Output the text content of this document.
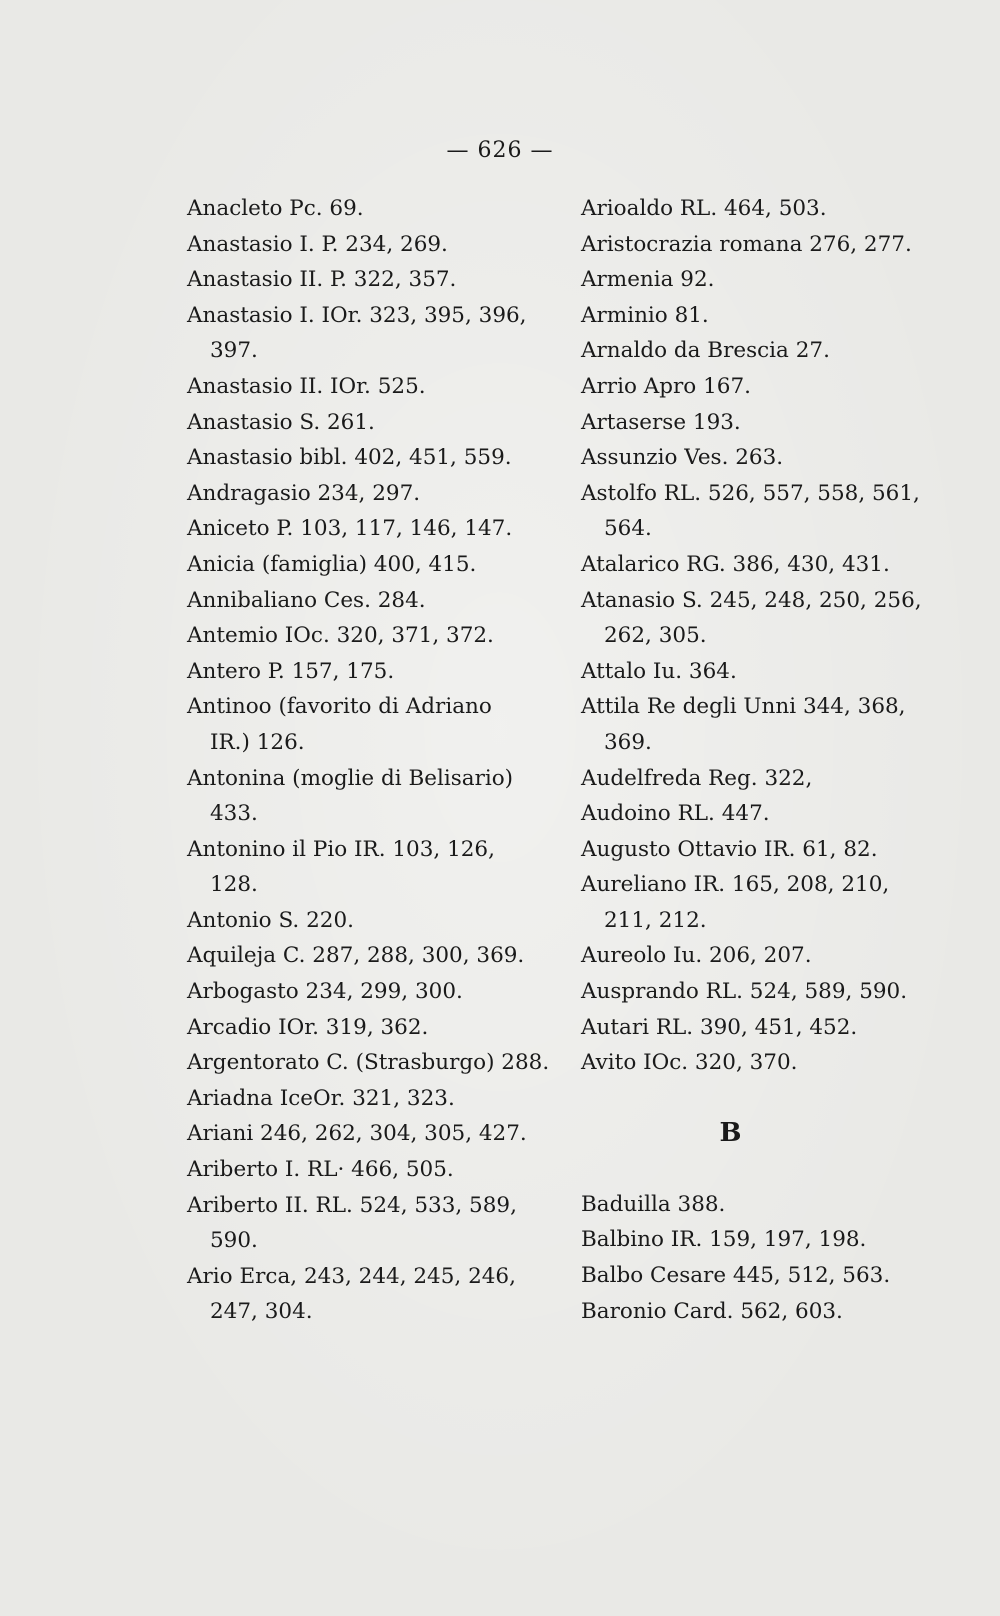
— 626 —

Anacleto Pc. 69.

Anastasio I. P. 234, 269.

Anastasio II. P. 322, 357.

Anastasio I. IOr. 323, 395, 396,
397.

Anastasio II. IOr. 525.

Anastasio S. 261.

Anastasio bibl. 402, 451, 559.

Andragasio 234, 297.

Aniceto P. 103, 117, 146, 147.

Anicia (famiglia) 400, 415.

Annibaliano Ces. 284.

Antemio IOc. 320, 371, 372.

Antero P. 157, 175.

Antinoo (favorito di Adriano
IR.) 126.

Antonina (moglie di Belisario)
433.

Antonino il Pio IR. 103, 126,
128.

Antonio S. 220.

Aquileja C. 287, 288, 300, 369.

Arbogasto 234, 299, 300.

Arcadio IOr. 319, 362.

Argentorato C. (Strasburgo) 288.

Ariadna IceOr. 321, 323.

Ariani 246, 262, 304, 305, 427.

Ariberto I. RL· 466, 505.

Ariberto II. RL. 524, 533, 589,
590.

Ario Erca, 243, 244, 245, 246,
247, 304.

Arioaldo RL. 464, 503.

Aristocrazia romana 276, 277.

Armenia 92.

Arminio 81.

Arnaldo da Brescia 27.

Arrio Apro 167.

Artaserse 193.

Assunzio Ves. 263.

Astolfo RL. 526, 557, 558, 561,
564.

Atalarico RG. 386, 430, 431.

Atanasio S. 245, 248, 250, 256,
262, 305.

Attalo Iu. 364.

Attila Re degli Unni 344, 368,
369.

Audelfreda Reg. 322,

Audoino RL. 447.

Augusto Ottavio IR. 61, 82.

Aureliano IR. 165, 208, 210,
211, 212.

Aureolo Iu. 206, 207.

Ausprando RL. 524, 589, 590.

Autari RL. 390, 451, 452.

Avito IOc. 320, 370.

B

Baduilla 388.

Balbino IR. 159, 197, 198.

Balbo Cesare 445, 512, 563.

Baronio Card. 562, 603.
